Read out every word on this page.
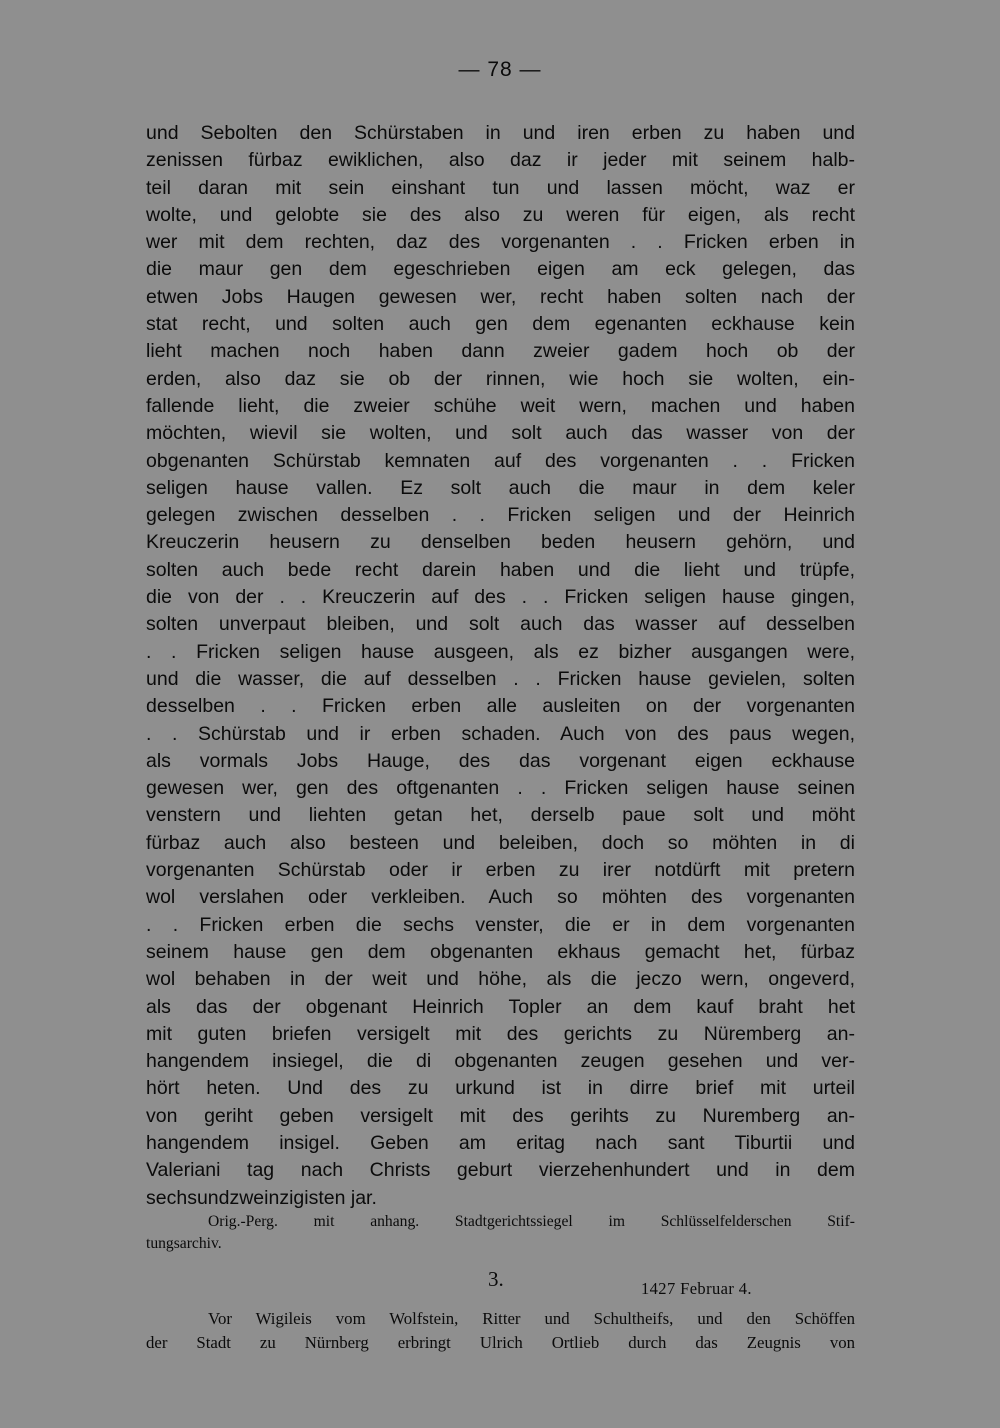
— 78 —
und Sebolten den Schürstaben in und iren erben zu haben und
zenissen fürbaz ewiklichen, also daz ir jeder mit seinem halb-
teil daran mit sein einshant tun und lassen möcht, waz er
wolte, und gelobte sie des also zu weren für eigen, als recht
wer mit dem rechten, daz des vorgenanten . . Fricken erben in
die maur gen dem egeschrieben eigen am eck gelegen, das
etwen Jobs Haugen gewesen wer, recht haben solten nach der
stat recht, und solten auch gen dem egenanten eckhause kein
lieht machen noch haben dann zweier gadem hoch ob der
erden, also daz sie ob der rinnen, wie hoch sie wolten, ein-
fallende lieht, die zweier schühe weit wern, machen und haben
möchten, wievil sie wolten, und solt auch das wasser von der
obgenanten Schürstab kemnaten auf des vorgenanten . . Fricken
seligen hause vallen. Ez solt auch die maur in dem keler
gelegen zwischen desselben . . Fricken seligen und der Heinrich
Kreuczerin heusern zu denselben beden heusern gehörn, und
solten auch bede recht darein haben und die lieht und trüpfe,
die von der . . Kreuczerin auf des . . Fricken seligen hause gingen,
solten unverpaut bleiben, und solt auch das wasser auf desselben
. . Fricken seligen hause ausgeen, als ez bizher ausgangen were,
und die wasser, die auf desselben . . Fricken hause gevielen, solten
desselben . . Fricken erben alle ausleiten on der vorgenanten
. . Schürstab und ir erben schaden. Auch von des paus wegen,
als vormals Jobs Hauge, des das vorgenant eigen eckhause
gewesen wer, gen des oftgenanten . . Fricken seligen hause seinen
venstern und liehten getan het, derselb paue solt und möht
fürbaz auch also besteen und beleiben, doch so möhten in di
vorgenanten Schürstab oder ir erben zu irer notdürft mit pretern
wol verslahen oder verkleiben. Auch so möhten des vorgenanten
. . Fricken erben die sechs venster, die er in dem vorgenanten
seinem hause gen dem obgenanten ekhaus gemacht het, fürbaz
wol behaben in der weit und höhe, als die jeczo wern, ongeverd,
als das der obgenant Heinrich Topler an dem kauf braht het
mit guten briefen versigelt mit des gerichts zu Nüremberg an-
hangendem insiegel, die di obgenanten zeugen gesehen und ver-
hört heten. Und des zu urkund ist in dirre brief mit urteil
von geriht geben versigelt mit des gerihts zu Nuremberg an-
hangendem insigel. Geben am eritag nach sant Tiburtii und
Valeriani tag nach Christs geburt vierzehenhundert und in dem
sechsundzweinzigisten jar.
Orig.-Perg. mit anhang. Stadtgerichtssiegel im Schlüsselfelderschen Stif-
tungsarchiv.
3.	1427 Februar 4.
Vor Wigileis vom Wolfstein, Ritter und Schultheifs, und den Schöffen
der Stadt zu Nürnberg erbringt Ulrich Ortlieb durch das Zeugnis von
